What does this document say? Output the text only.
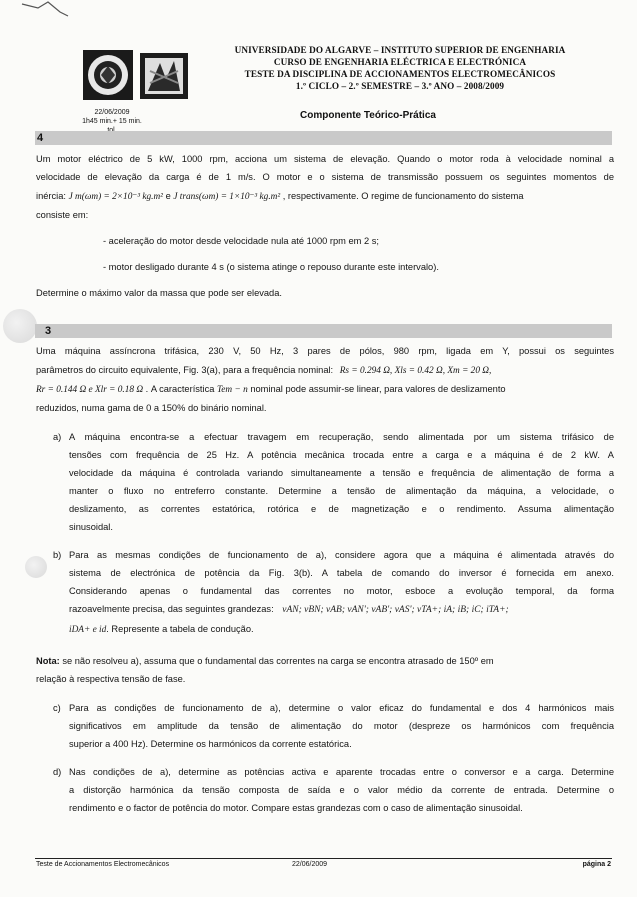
UNIVERSIDADE DO ALGARVE – INSTITUTO SUPERIOR DE ENGENHARIA
CURSO DE ENGENHARIA ELÉCTRICA E ELECTRÓNICA
TESTE DA DISCIPLINA DE ACCIONAMENTOS ELECTROMECÂNICOS
1.º CICLO – 2.º SEMESTRE – 3.º ANO – 2008/2009
22/06/2009
1h45 min.+ 15 min.
Componente Teórico-Prática
4
Um motor eléctrico de 5 kW, 1000 rpm, acciona um sistema de elevação. Quando o motor roda à velocidade nominal a
velocidade de elevação da carga é de 1 m/s. O motor e o sistema de transmissão possuem os seguintes momentos de
inércia: J m(ωm) = 2×10⁻³ kg.m² e J trans(ωm) = 1×10⁻³ kg.m² , respectivamente. O regime de funcionamento do sistema
consiste em:
- aceleração do motor desde velocidade nula até 1000 rpm em 2 s;
- motor desligado durante 4 s (o sistema atinge o repouso durante este intervalo).
Determine o máximo valor da massa que pode ser elevada.
3
Uma máquina assíncrona trifásica, 230 V, 50 Hz, 3 pares de pólos, 980 rpm, ligada em Y, possui os seguintes
parâmetros do circuito equivalente, Fig. 3(a), para a frequência nominal: Rs = 0.294 Ω, Xls = 0.42 Ω, Xm = 20 Ω,
Rr = 0.144 Ω e Xlr = 0.18 Ω . A característica Tem − n nominal pode assumir-se linear, para valores de deslizamento
reduzidos, numa gama de 0 a 150% do binário nominal.
a) A máquina encontra-se a efectuar travagem em recuperação, sendo alimentada por um sistema trifásico de
tensões com frequência de 25 Hz. A potência mecânica trocada entre a carga e a máquina é de 2 kW. A
velocidade da máquina é controlada variando simultaneamente a tensão e frequência de alimentação de forma a
manter o fluxo no entreferro constante. Determine a tensão de alimentação da máquina, a velocidade, o
deslizamento, as correntes estatórica, rotórica e de magnetização e o rendimento. Assuma alimentação
sinusoidal.
b) Para as mesmas condições de funcionamento de a), considere agora que a máquina é alimentada através do
sistema de electrónica de potência da Fig. 3(b). A tabela de comando do inversor é fornecida em anexo.
Considerando apenas o fundamental das correntes no motor, esboce a evolução temporal, da forma
razoavelmente precisa, das seguintes grandezas: vAN; vBN; vAB; vAN'; vAB'; vAS'; vTA+; iA; iB; iC; iTA+;
iDA+ e id. Represente a tabela de condução.
Nota: se não resolveu a), assuma que o fundamental das correntes na carga se encontra atrasado de 150º em
relação à respectiva tensão de fase.
c) Para as condições de funcionamento de a), determine o valor eficaz do fundamental e dos 4 harmónicos mais
significativos em amplitude da tensão de alimentação do motor (despreze os harmónicos com frequência
superior a 400 Hz). Determine os harmónicos da corrente estatórica.
d) Nas condições de a), determine as potências activa e aparente trocadas entre o conversor e a carga. Determine
a distorção harmónica da tensão composta de saída e o valor médio da corrente de entrada. Determine o
rendimento e o factor de potência do motor. Compare estas grandezas com o caso de alimentação sinusoidal.
Teste de Accionamentos Electromecânicos	22/06/2009	página 2
